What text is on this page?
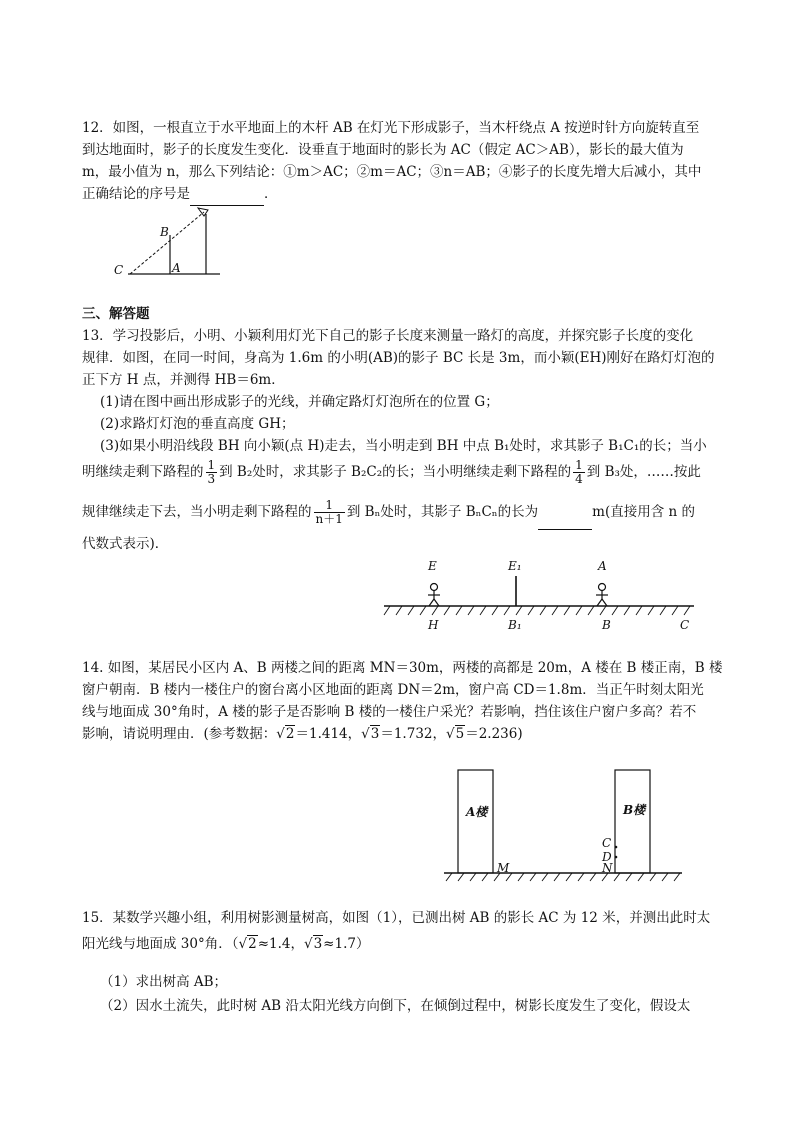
12．如图，一根直立于水平地面上的木杆 AB 在灯光下形成影子，当木杆绕点 A 按逆时针方向旋转直至
到达地面时，影子的长度发生变化．设垂直于地面时的影长为 AC（假定 AC＞AB），影长的最大值为
m，最小值为 n，那么下列结论：①m＞AC；②m＝AC；③n＝AB；④影子的长度先增大后减小，其中
正确结论的序号是	．
B
C	A
三、解答题
13．学习投影后，小明、小颖利用灯光下自己的影子长度来测量一路灯的高度，并探究影子长度的变化
规律．如图，在同一时间，身高为 1.6m 的小明(AB)的影子 BC 长是 3m，而小颖(EH)刚好在路灯灯泡的
正下方 H 点，并测得 HB＝6m．
(1)请在图中画出形成影子的光线，并确定路灯灯泡所在的位置 G；
(2)求路灯灯泡的垂直高度 GH；
(3)如果小明沿线段 BH 向小颖(点 H)走去，当小明走到 BH 中点 B₁处时，求其影子 B₁C₁的长；当小
明继续走剩下路程的 $\frac{1}{3}$ 到 B₂处时，求其影子 B₂C₂的长；当小明继续走剩下路程的 $\frac{1}{4}$ 到 B₃处，……按此
规律继续走下去，当小明走剩下路程的 $\frac{1}{n+1}$ 到 Bₙ处时，其影子 BₙCₙ的长为	m(直接用含 n 的
代数式表示)．
E	E₁	A
H	B₁	B	C
14. 如图，某居民小区内 A、B 两楼之间的距离 MN＝30m，两楼的高都是 20m，A 楼在 B 楼正南，B 楼
窗户朝南．B 楼内一楼住户的窗台离小区地面的距离 DN＝2m，窗户高 CD＝1.8m．当正午时刻太阳光
线与地面成 30°角时，A 楼的影子是否影响 B 楼的一楼住户采光？若影响，挡住该住户窗户多高？若不
影响，请说明理由．(参考数据：√2＝1.414，√3＝1.732，√5＝2.236)
A楼	B楼
M
C
D
N
15．某数学兴趣小组，利用树影测量树高，如图（1），已测出树 AB 的影长 AC 为 12 米，并测出此时太
阳光线与地面成 30°角．（√2≈1.4，√3≈1.7）
（1）求出树高 AB；
（2）因水土流失，此时树 AB 沿太阳光线方向倒下，在倾倒过程中，树影长度发生了变化，假设太
